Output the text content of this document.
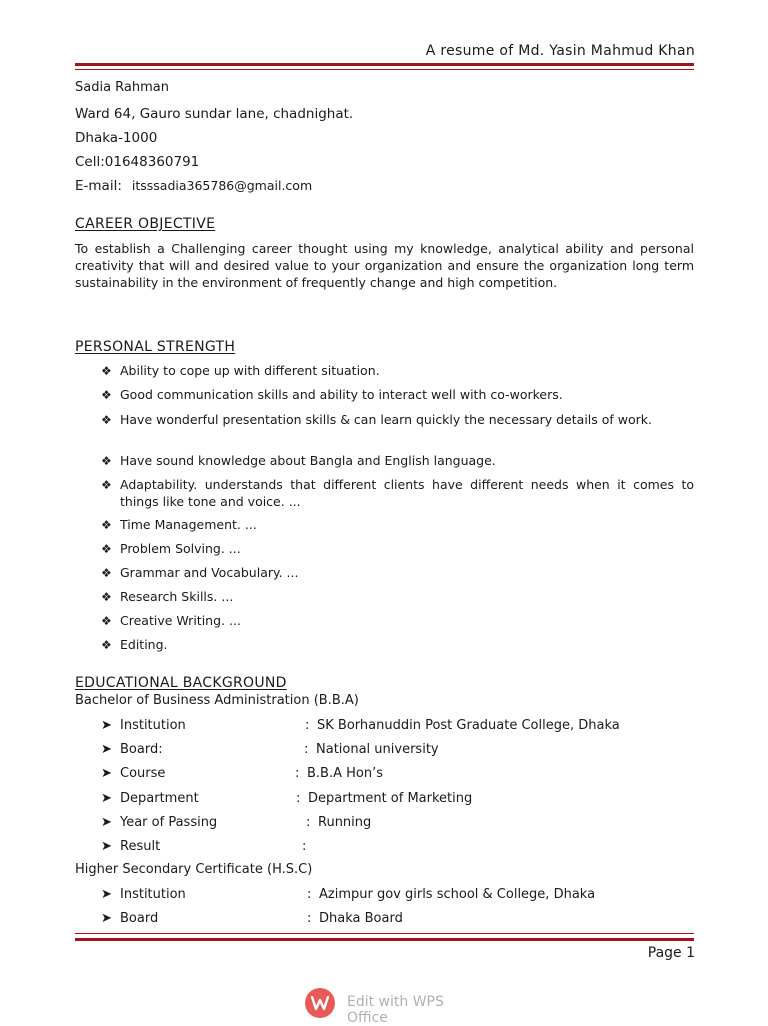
A resume of Md. Yasin Mahmud Khan
Sadia Rahman
Ward 64, Gauro sundar lane, chadnighat.
Dhaka-1000
Cell:01648360791
E-mail: itsssadia365786@gmail.com
CAREER OBJECTIVE
To establish a Challenging career thought using my knowledge, analytical ability and personal creativity that will and desired value to your organization and ensure the organization long term sustainability in the environment of frequently change and high competition.
PERSONAL STRENGTH
❖ Ability to cope up with different situation.
❖ Good communication skills and ability to interact well with co-workers.
❖ Have wonderful presentation skills & can learn quickly the necessary details of work.
❖ Have sound knowledge about Bangla and English language.
❖ Adaptability. understands that different clients have different needs when it comes to things like tone and voice. ...
❖ Time Management. ...
❖ Problem Solving. ...
❖ Grammar and Vocabulary. ...
❖ Research Skills. ...
❖ Creative Writing. ...
❖ Editing.
EDUCATIONAL BACKGROUND
Bachelor of Business Administration (B.B.A)
➤ Institution	: SK Borhanuddin Post Graduate College, Dhaka
➤ Board:	: National university
➤ Course	: B.B.A Hon’s
➤ Department	: Department of Marketing
➤ Year of Passing	: Running
➤ Result	:
Higher Secondary Certificate (H.S.C)
➤ Institution	: Azimpur gov girls school & College, Dhaka
➤ Board	: Dhaka Board
Page 1
Edit with WPS Office
